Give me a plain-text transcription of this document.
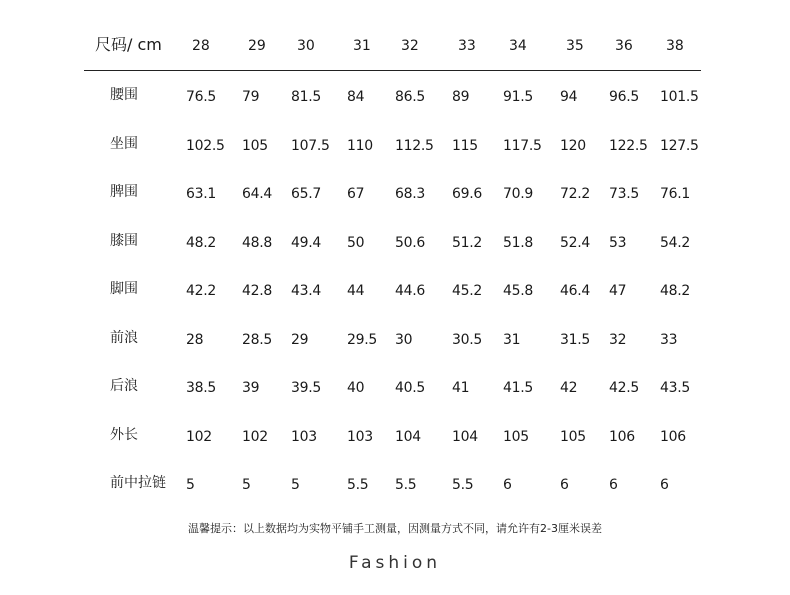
尺码/ cm 28	29 30	31 32	33 34	35 36 38
腰围	76.5 79 81.5 84 86.5 89 91.5 94 96.5 101.5
坐围	102.5 105 107.5 110 112.5 115 117.5 120 122.5 127.5
脾围	63.1 64.4 65.7 67 68.3 69.6 70.9 72.2 73.5 76.1
膝围	48.2 48.8 49.4 50 50.6 51.2 51.8 52.4 53 54.2
脚围	42.2 42.8 43.4 44 44.6 45.2 45.8 46.4 47 48.2
前浪	28	28.5 29	29.5 30	30.5 31	31.5 32 33
后浪	38.5 39 39.5 40 40.5 41 41.5 42 42.5 43.5
外长	102 102 103 103 104 104 105 105 106 106
前中拉链 5	5	5	5.5 5.5	5.5 6	6	6	6
温馨提示：以上数据均为实物平铺手工测量，因测量方式不同，请允许有2-3厘米误差
Fashion
